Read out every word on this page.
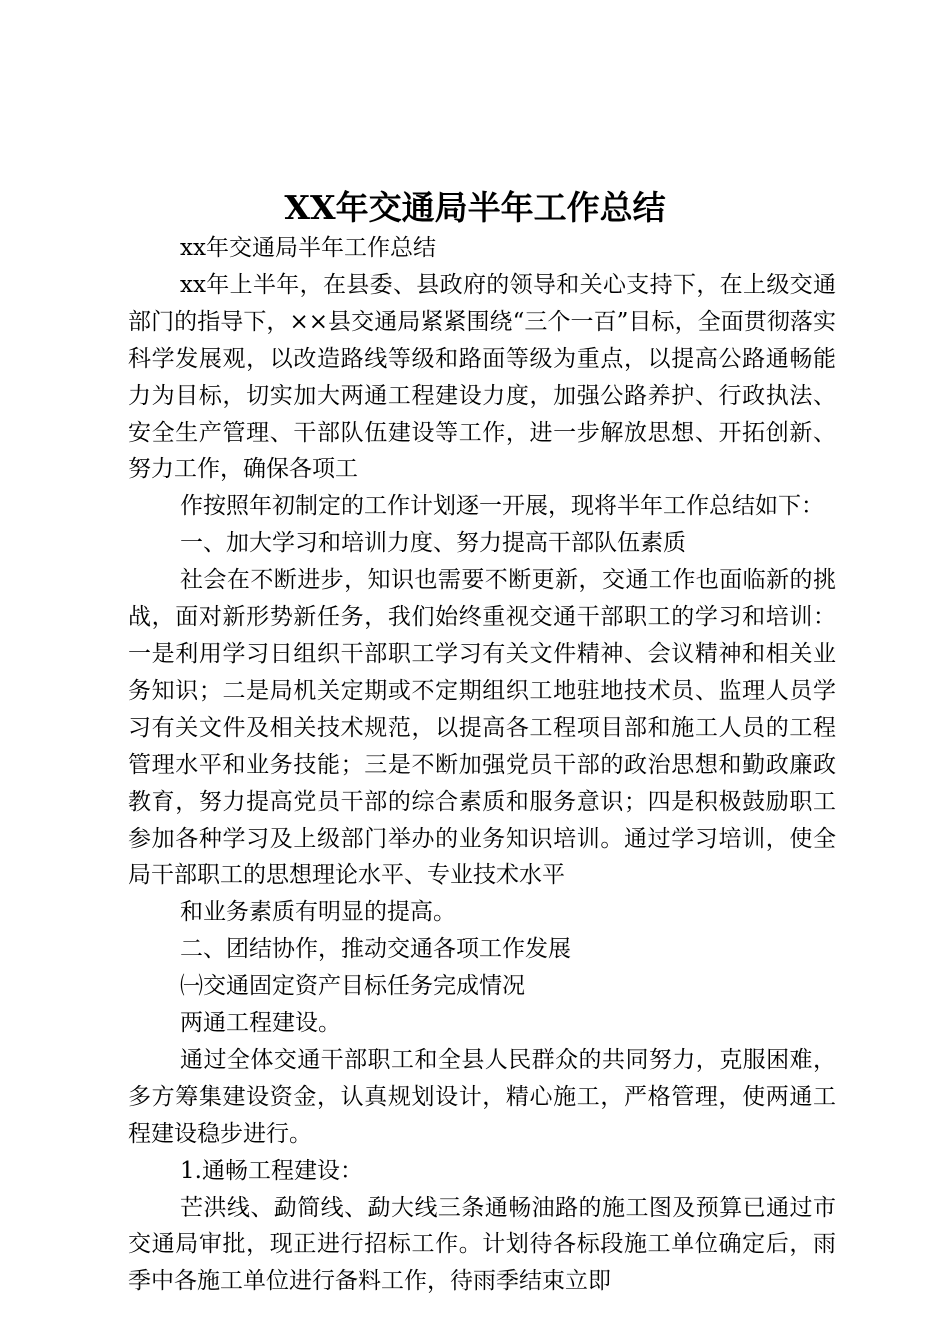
XX年交通局半年工作总结

xx年交通局半年工作总结

xx年上半年，在县委、县政府的领导和关心支持下，在上级交通部门的指导下，××县交通局紧紧围绕“三个一百”目标，全面贯彻落实科学发展观，以改造路线等级和路面等级为重点，以提高公路通畅能力为目标，切实加大两通工程建设力度，加强公路养护、行政执法、安全生产管理、干部队伍建设等工作，进一步解放思想、开拓创新、努力工作，确保各项工

作按照年初制定的工作计划逐一开展，现将半年工作总结如下：

一、加大学习和培训力度、努力提高干部队伍素质

社会在不断进步，知识也需要不断更新，交通工作也面临新的挑战，面对新形势新任务，我们始终重视交通干部职工的学习和培训：一是利用学习日组织干部职工学习有关文件精神、会议精神和相关业务知识；二是局机关定期或不定期组织工地驻地技术员、监理人员学习有关文件及相关技术规范，以提高各工程项目部和施工人员的工程管理水平和业务技能；三是不断加强党员干部的政治思想和勤政廉政教育，努力提高党员干部的综合素质和服务意识；四是积极鼓励职工参加各种学习及上级部门举办的业务知识培训。通过学习培训，使全局干部职工的思想理论水平、专业技术水平

和业务素质有明显的提高。

二、团结协作，推动交通各项工作发展

㈠交通固定资产目标任务完成情况

两通工程建设。

通过全体交通干部职工和全县人民群众的共同努力，克服困难，多方筹集建设资金，认真规划设计，精心施工，严格管理，使两通工程建设稳步进行。

1.通畅工程建设：

芒洪线、勐简线、勐大线三条通畅油路的施工图及预算已通过市交通局审批，现正进行招标工作。计划待各标段施工单位确定后，雨季中各施工单位进行备料工作，待雨季结束立即
